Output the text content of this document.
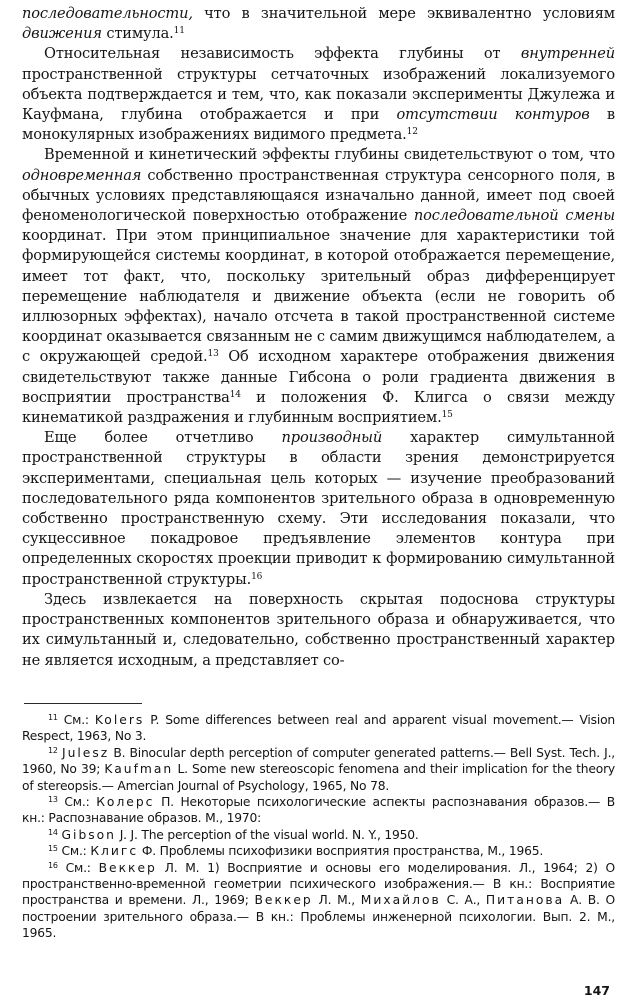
последовательности, что в значительной мере эквивалентно условиям движения стимула.$^{11}$

Относительная независимость эффекта глубины от внутренней пространственной структуры сетчаточных изображений локализуемого объекта подтверждается и тем, что, как показали эксперименты Джулежа и Кауфмана, глубина отображается и при отсутствии контуров в монокулярных изображениях видимого предмета.$^{12}$

Временной и кинетический эффекты глубины свидетельствуют о том, что одновременная собственно пространственная структура сенсорного поля, в обычных условиях представляющаяся изначально данной, имеет под своей феноменологической поверхностью отображение последовательной смены координат. При этом принципиальное значение для характеристики той формирующейся системы координат, в которой отображается перемещение, имеет тот факт, что, поскольку зрительный образ дифференцирует перемещение наблюдателя и движение объекта (если не говорить об иллюзорных эффектах), начало отсчета в такой пространственной системе координат оказывается связанным не с самим движущимся наблюдателем, а с окружающей средой.$^{13}$ Об исходном характере отображения движения свидетельствуют также данные Гибсона о роли градиента движения в восприятии пространства$^{14}$ и положения Ф. Клигса о связи между кинематикой раздражения и глубинным восприятием.$^{15}$

Еще более отчетливо производный характер симультанной пространственной структуры в области зрения демонстрируется экспериментами, специальная цель которых — изучение преобразований последовательного ряда компонентов зрительного образа в одновременную собственно пространственную схему. Эти исследования показали, что сукцессивное покадровое предъявление элементов контура при определенных скоростях проекции приводит к формированию симультанной пространственной структуры.$^{16}$

Здесь извлекается на поверхность скрытая подоснова структуры пространственных компонентов зрительного образа и обнаруживается, что их симультанный и, следовательно, собственно пространственный характер не является исходным, а представляет со-

$^{11}$ См.: Kolers P. Some differences between real and apparent visual movement.— Vision Respect, 1963, No 3.

$^{12}$ Julesz B. Binocular depth perception of computer generated patterns.— Bell Syst. Tech. J., 1960, No 39; Kaufman L. Some new stereoscopic fenomena and their implication for the theory of stereopsis.— Amercian Journal of Psychology, 1965, No 78.

$^{13}$ См.: Колерс П. Некоторые психологические аспекты распознавания образов.— В кн.: Распознавание образов. М., 1970:

$^{14}$ Gibson J. J. The perception of the visual world. N. Y., 1950.

$^{15}$ См.: Клигс Ф. Проблемы психофизики восприятия пространства, М., 1965.

$^{16}$ См.: Веккер Л. М. 1) Восприятие и основы его моделирования. Л., 1964; 2) О пространственно-временной геометрии психического изображения.— В кн.: Восприятие пространства и времени. Л., 1969; Веккер Л. М., Михайлов С. А., Питанова А. В. О построении зрительного образа.— В кн.: Проблемы инженерной психологии. Вып. 2. М., 1965.

147
